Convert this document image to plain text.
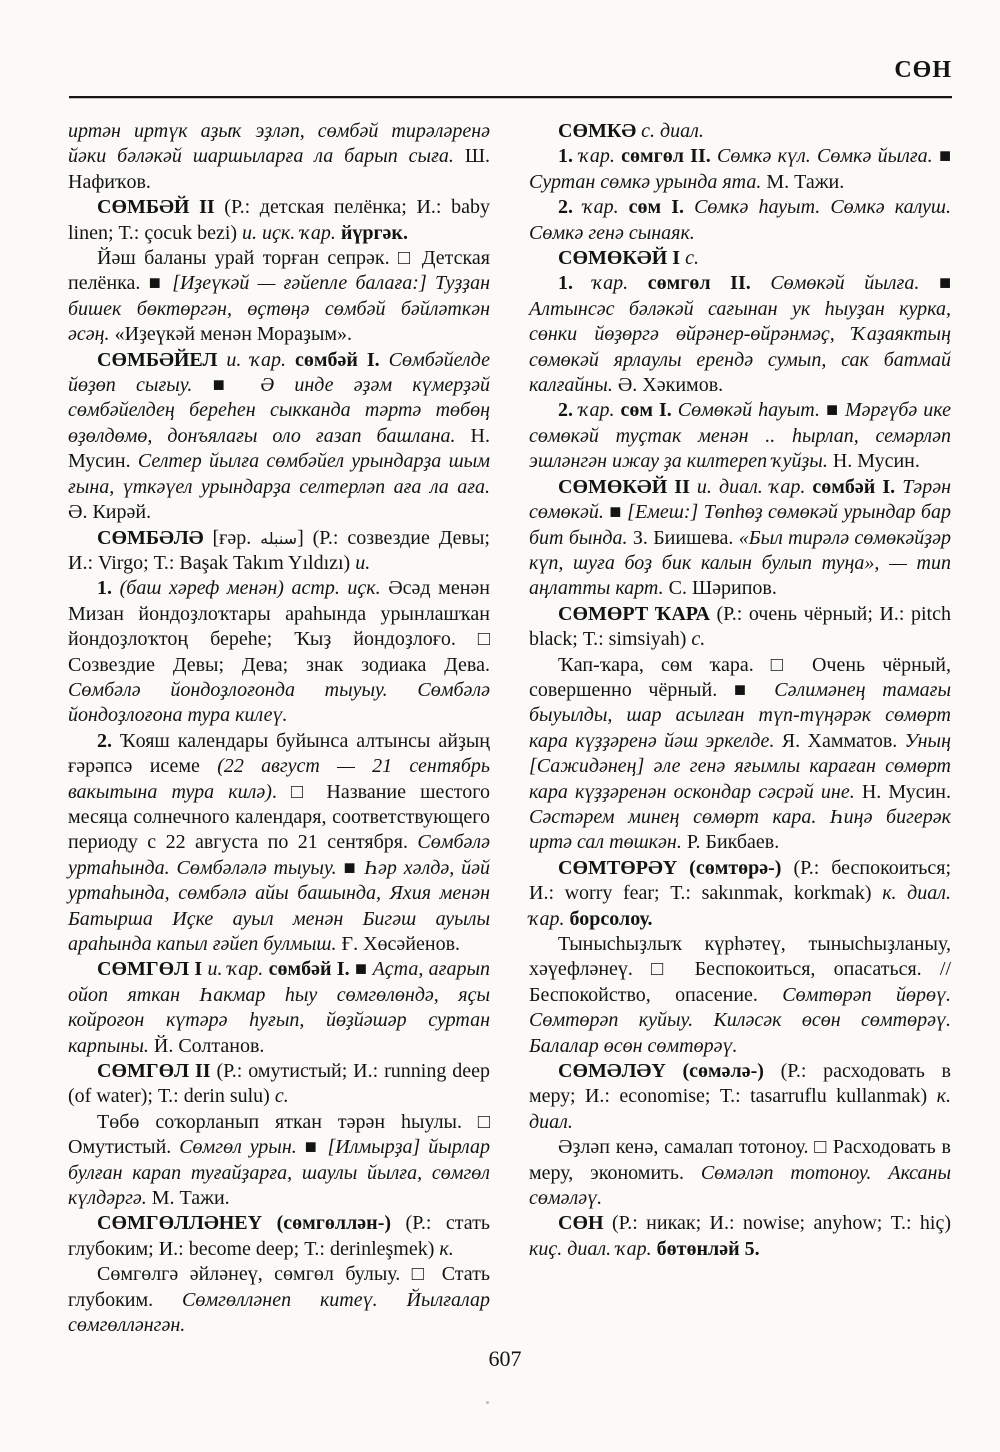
СӨН

иртән иртүк аҙыҡ эҙләп, сөмбәй тирәләренә йәки бәләкәй шаршыларға ла барып сыға. Ш. Нафиҡов.

СӨМБӘЙ II (Р.: детская пелёнка; И.: baby linen; Т.: çocuk bezi) и. иҫк. ҡар. йүргәк.

Йәш баланы урай торған сепрәк. □ Детская пелёнка. ■ [Иҙеүкәй — ғәйепле балаға:] Туҙҙан бишек бөктөргән, өҫтөңә сөмбәй бәйләткән әсәң. «Иҙеүкәй менән Мораҙым».

СӨМБӘЙЕЛ и. ҡар. сөмбәй I. Сөмбәйелде йөҙөп сығыу. ■ Ә инде әҙәм күмерҙәй сөмбәйелдең береһен сыкканда тәртә төбөң өҙөлдөмө, донъялағы оло ғазап башлана. Н. Мусин. Селтер йылға сөмбәйел урындарҙа шым ғына, үткәүел урындарҙа селтерләп аға ла аға. Ә. Кирәй.

СӨМБӘЛӘ [ғәр. سنبله] (Р.: созвездие Девы; И.: Virgo; Т.: Başak Takım Yıldızı) и.

1. (баш хәреф менән) астр. иҫк. Әсәд менән Мизан йондоҙлоҡтары араһында урынлашҡан йондоҙлоҡтоң береһе; Ҡыҙ йондоҙлоғо. □ Созвездие Девы; Дева; знак зодиака Дева. Сөмбәлә йондоҙлоғонда тыуыу. Сөмбәлә йондоҙлоғона тура килеү.

2. Ҡояш календары буйынса алтынсы айҙың ғәрәпсә исеме (22 август — 21 сентябрь вакытына тура килә). □ Название шестого месяца солнечного календаря, соответствующего периоду с 22 августа по 21 сентября. Сөмбәлә уртаһында. Сөмбәләлә тыуыу. ■ Һәр хәлдә, йәй уртаһында, сөмбәлә айы башында, Яхия менән Батырша Иҫке ауыл менән Бигәш ауылы араһында капыл ғәйеп булмыш. Ғ. Хөсәйенов.

СӨМГӨЛ I и. ҡар. сөмбәй I. ■ Аҫта, ағарып ойоп яткан Һакмар һыу сөмгөлөндә, яҫы койроғон күтәрә һуғып, йөҙйәшәр суртан карпыны. Й. Солтанов.

СӨМГӨЛ II (Р.: омутистый; И.: running deep (of water); Т.: derin sulu) с.

Төбө соҡорланып яткан тәрән һыулы. □ Омутистый. Сөмгөл урын. ■ [Илмырҙа] йырлар булған карап туғайҙарға, шаулы йылға, сөмгөл күлдәргә. М. Тажи.

СӨМГӨЛЛӘНЕҮ (сөмгөллән-) (Р.: стать глубоким; И.: become deep; Т.: derinleşmek) к.

Сөмгөлгә әйләнеү, сөмгөл булыу. □ Стать глубоким. Сөмгөлләнеп китеү. Йылғалар сөмгөлләнгән.

СӨМКӘ с. диал.

1. ҡар. сөмгөл II. Сөмкә күл. Сөмкә йылға. ■ Суртан сөмкә урында ята. М. Тажи.

2. ҡар. сөм I. Сөмкә һауыт. Сөмкә калуш. Сөмкә генә сынаяк.

СӨМӨКӘЙ I с.

1. ҡар. сөмгөл II. Сөмөкәй йылға. ■ Алтынсәс бәләкәй сағынан ук һыуҙан курка, сөнки йөҙөргә өйрәнер-өйрәнмәҫ, Ҡаҙаяктың сөмөкәй ярлаулы ерендә сумып, сак батмай калғайны. Ә. Хәкимов.

2. ҡар. сөм I. Сөмөкәй һауыт. ■ Мәрғүбә ике сөмөкәй туҫтак менән .. һырлап, семәрләп эшләнгән ижау ҙа килтереп ҡуйҙы. Н. Мусин.

СӨМӨКӘЙ II и. диал. ҡар. сөмбәй I. Тәрән сөмөкәй. ■ [Емеш:] Төпһөҙ сөмөкәй урындар бар бит бында. З. Биишева. «Был тирәлә сөмөкәйҙәр күп, шуға боҙ бик калын булып туңа», — тип аңлатты карт. С. Шәрипов.

СӨМӨРТ ҠАРА (Р.: очень чёрный; И.: pitch black; Т.: simsiyah) с.

Ҡап-ҡара, сөм ҡара. □ Очень чёрный, совершенно чёрный. ■ Сәлимәнең тамағы быуылды, шар асылған түп-түңәрәк сөмөрт кара күҙҙәренә йәш эркелде. Я. Хамматов. Уның [Сажидәнең] әле генә яғымлы караған сөмөрт кара күҙҙәренән оскондар сәсрәй ине. Н. Мусин. Сәстәрем минең сөмөрт кара. Һиңә бигерәк иртә сал төшкән. Р. Бикбаев.

СӨМТӨРӘҮ (сөмтөрә-) (Р.: беспокоиться; И.: worry fear; Т.: sakınmak, korkmak) к. диал. ҡар. борсолоу.

Тынысһыҙлыҡ күрһәтеү, тынысһыҙланыу, хәүефләнеү. □ Беспокоиться, опасаться. // Беспокойство, опасение. Сөмтөрәп йөрөү. Сөмтөрәп куйыу. Киләсәк өсөн сөмтөрәү. Балалар өсөн сөмтөрәү.

СӨМӘЛӘҮ (сөмәлә-) (Р.: расходовать в меру; И.: economise; Т.: tasarruflu kullanmak) к. диал.

Әҙләп кенә, самалап тотоноу. □ Расходовать в меру, экономить. Сөмәләп тотоноу. Аксаны сөмәләү.

СӨН (Р.: никак; И.: nowise; anyhow; Т.: hiç) киҫ. диал. ҡар. бөтөнләй 5.

607
